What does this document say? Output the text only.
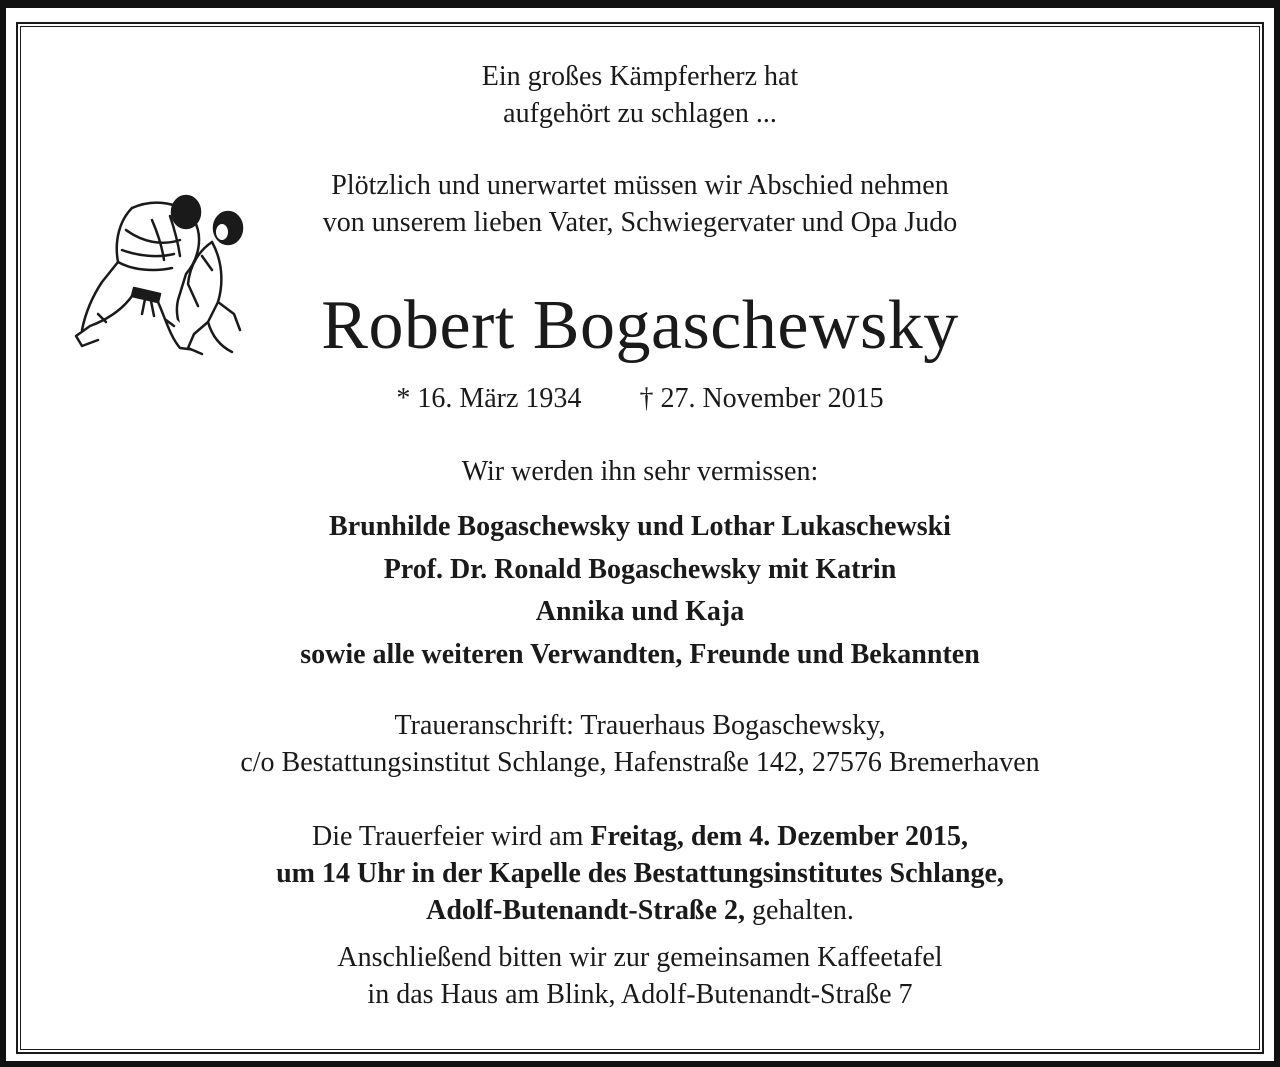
Ein großes Kämpferherz hat
aufgehört zu schlagen ...
Plötzlich und unerwartet müssen wir Abschied nehmen
von unserem lieben Vater, Schwiegervater und Opa Judo
Robert Bogaschewsky
* 16. März 1934 † 27. November 2015
Wir werden ihn sehr vermissen:
Brunhilde Bogaschewsky und Lothar Lukaschewski
Prof. Dr. Ronald Bogaschewsky mit Katrin
Annika und Kaja
sowie alle weiteren Verwandten, Freunde und Bekannten
Traueranschrift: Trauerhaus Bogaschewsky,
c/o Bestattungsinstitut Schlange, Hafenstraße 142, 27576 Bremerhaven
Die Trauerfeier wird am Freitag, dem 4. Dezember 2015,
um 14 Uhr in der Kapelle des Bestattungsinstitutes Schlange,
Adolf-Butenandt-Straße 2, gehalten.
Anschließend bitten wir zur gemeinsamen Kaffeetafel
in das Haus am Blink, Adolf-Butenandt-Straße 7
